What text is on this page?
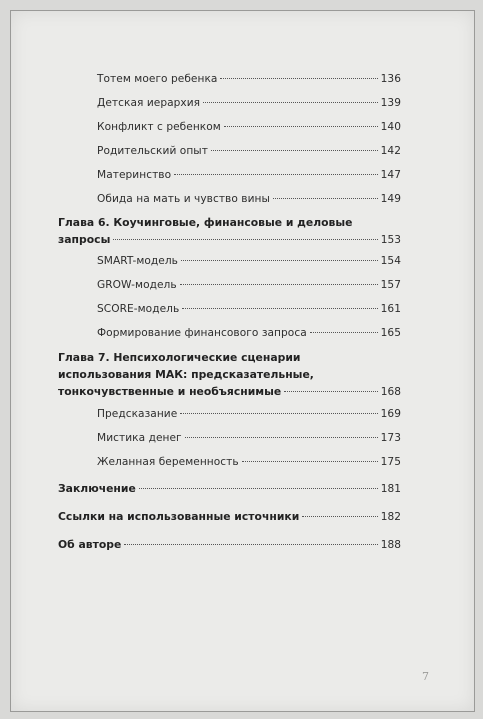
Тотем моего ребенка	136
Детская иерархия	139
Конфликт с ребенком	140
Родительский опыт	142
Материнство	147
Обида на мать и чувство вины	149
Глава 6. Коучинговые, финансовые и деловые
запросы	153
SMART-модель	154
GROW-модель	157
SCORE-модель	161
Формирование финансового запроса	165
Глава 7. Непсихологические сценарии
использования МАК: предсказательные,
тонкочувственные и необъяснимые	168
Предсказание	169
Мистика денег	173
Желанная беременность	175
Заключение	181
Ссылки на использованные источники	182
Об авторе	188
7
